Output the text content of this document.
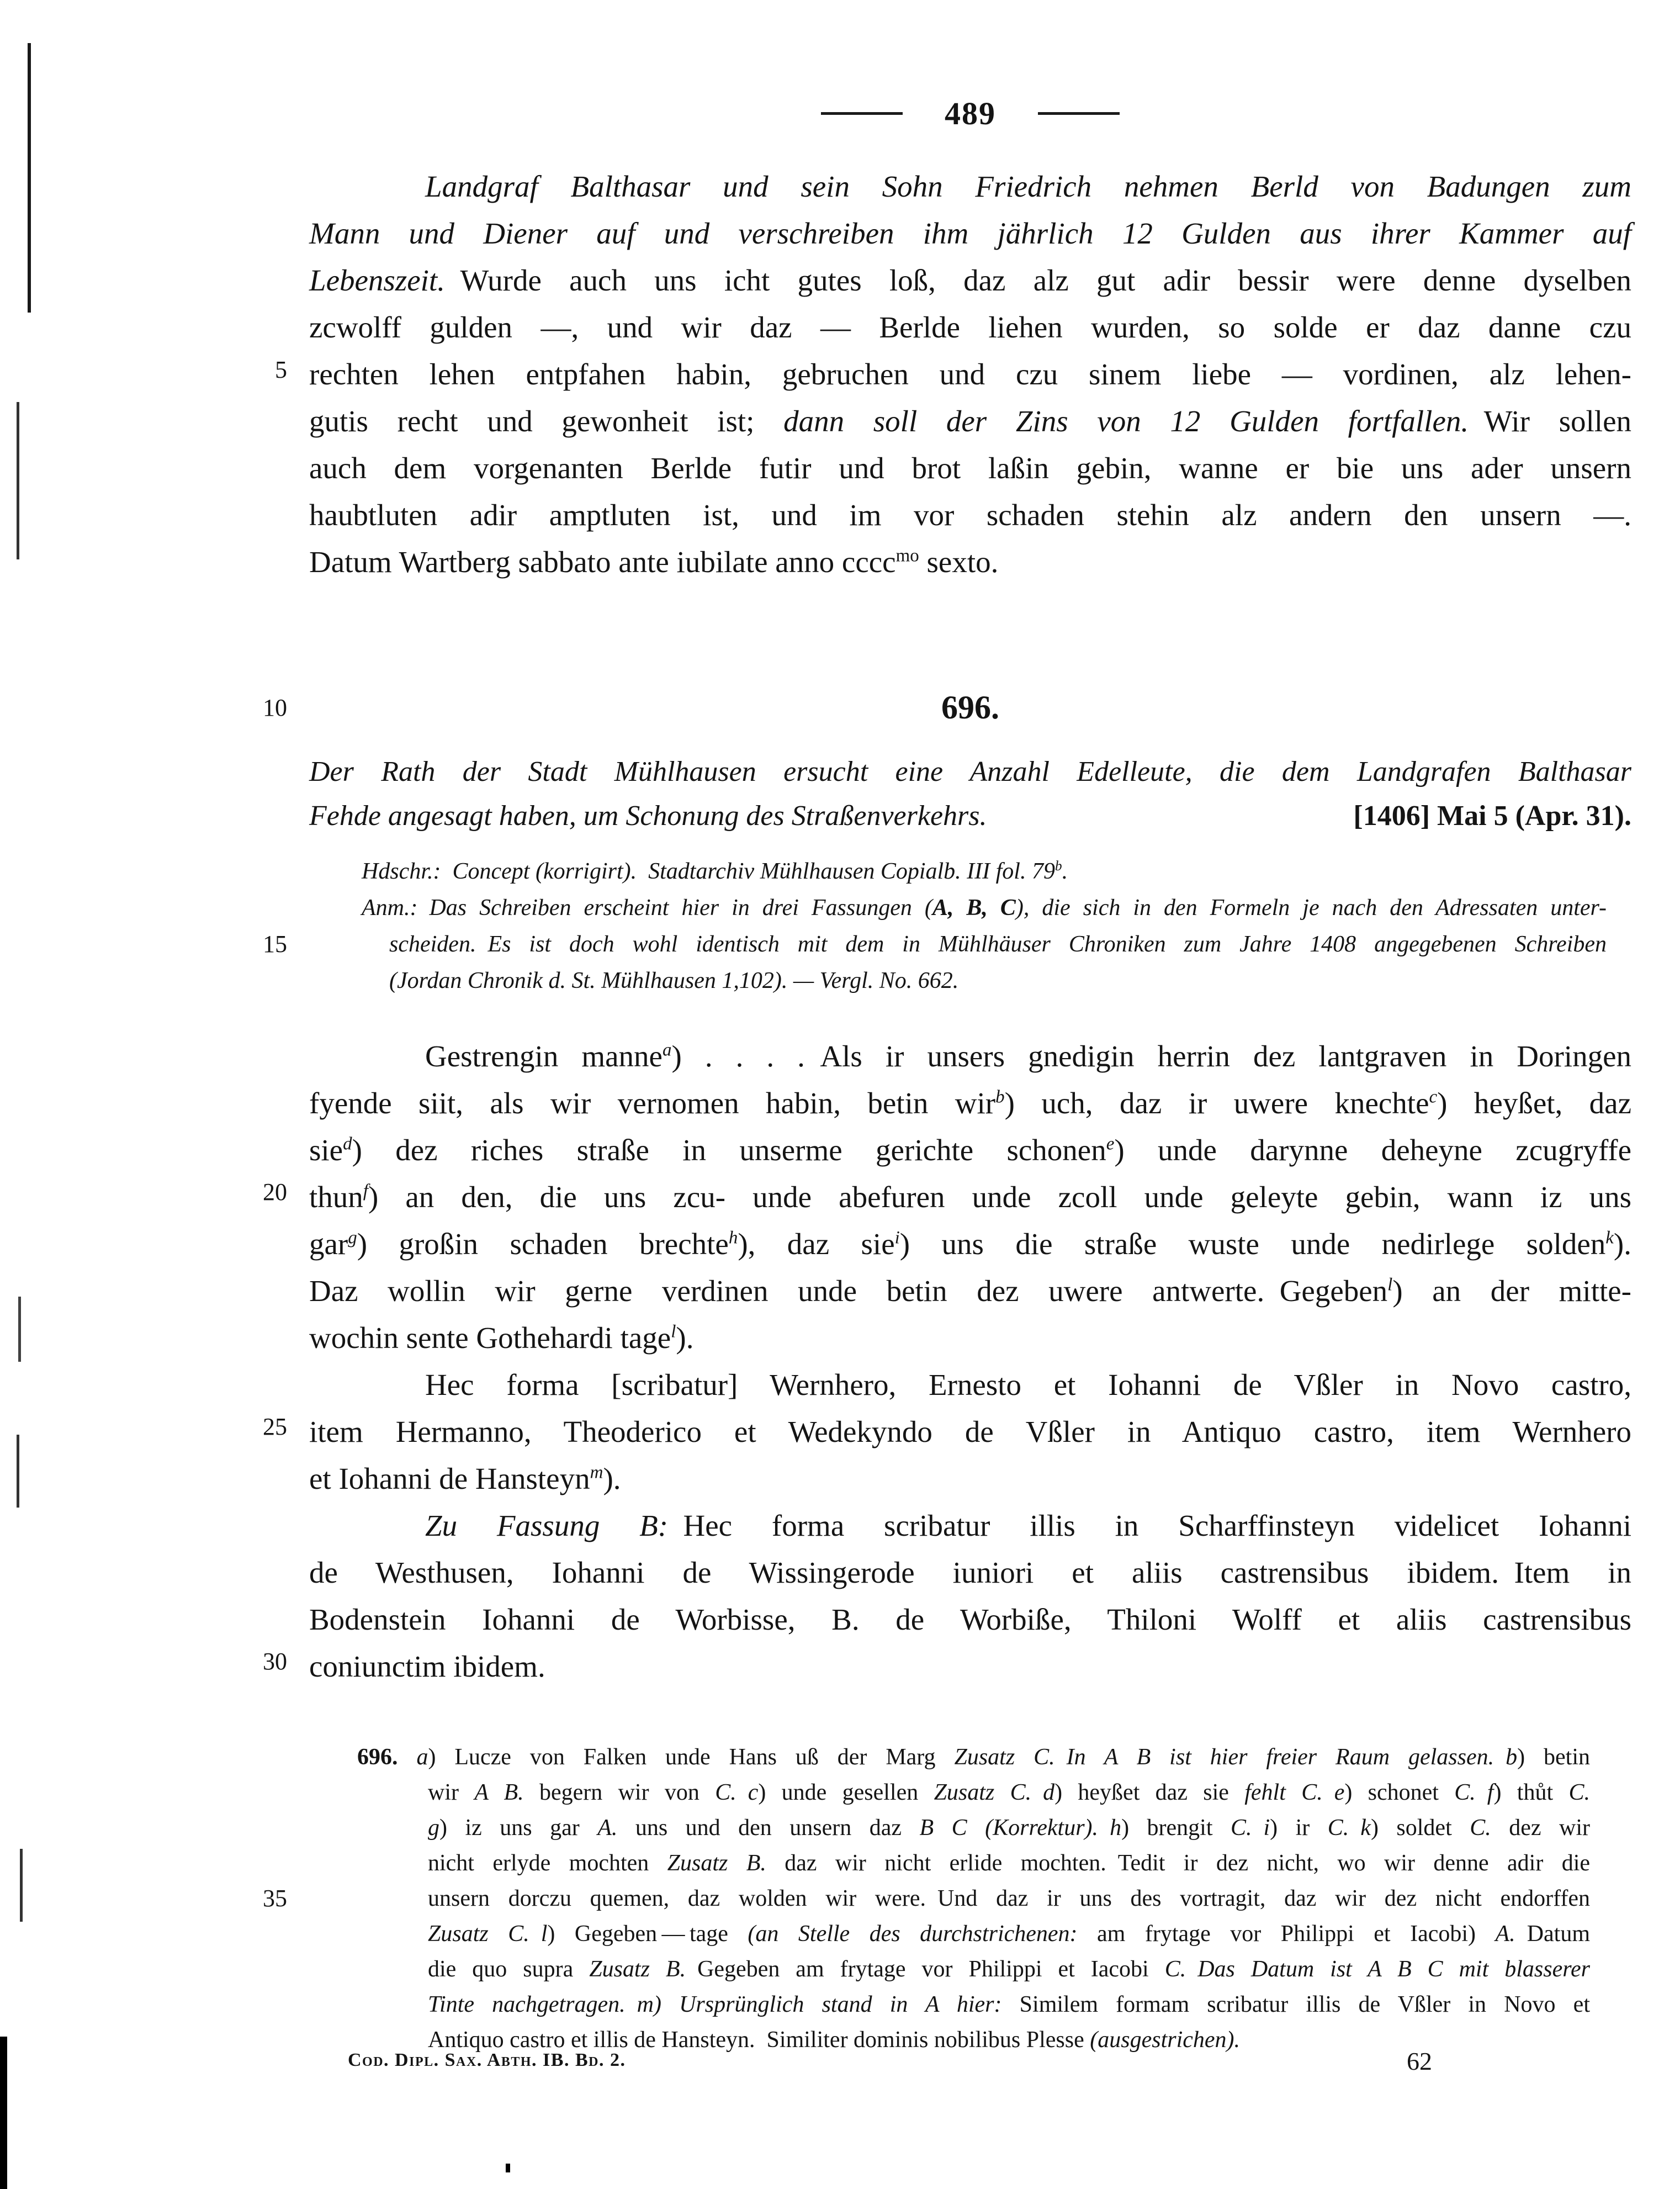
489
5
10
15
20
25
30
35
Landgraf Balthasar und sein Sohn Friedrich nehmen Berld von Badungen zum
Mann und Diener auf und verschreiben ihm jährlich 12 Gulden aus ihrer Kammer auf
Lebenszeit. Wurde auch uns icht gutes loß, daz alz gut adir bessir were denne dyselben
zcwolff gulden —, und wir daz — Berlde liehen wurden, so solde er daz danne czu
rechten lehen entpfahen habin, gebruchen und czu sinem liebe — vordinen, alz lehen-
gutis recht und gewonheit ist; dann soll der Zins von 12 Gulden fortfallen. Wir sollen
auch dem vorgenanten Berlde futir und brot laßin gebin, wanne er bie uns ader unsern
haubtluten adir amptluten ist, und im vor schaden stehin alz andern den unsern —.
Datum Wartberg sabbato ante iubilate anno cccc$^{mo}$ sexto.
696.
Der Rath der Stadt Mühlhausen ersucht eine Anzahl Edelleute, die dem Landgrafen Balthasar
Fehde angesagt haben, um Schonung des Straßenverkehrs.	[1406] Mai 5 (Apr. 31).
Hdschr.: Concept (korrigirt). Stadtarchiv Mühlhausen Copialb. III fol. 79$^b$.
Anm.: Das Schreiben erscheint hier in drei Fassungen (A, B, C), die sich in den Formeln je nach den Adressaten unter-
scheiden. Es ist doch wohl identisch mit dem in Mühlhäuser Chroniken zum Jahre 1408 angegebenen Schreiben
(Jordan Chronik d. St. Mühlhausen 1,102). — Vergl. No. 662.
Gestrengin manne$^a$) . . . . Als ir unsers gnedigin herrin dez lantgraven in Doringen
fyende siit, als wir vernomen habin, betin wir$^b$) uch, daz ir uwere knechte$^c$) heyßet, daz
sie$^d$) dez riches straße in unserme gerichte schonen$^e$) unde darynne deheyne zcugryffe
thun$^f$) an den, die uns zcu- unde abefuren unde zcoll unde geleyte gebin, wann iz uns
gar$^g$) großin schaden brechte$^h$), daz sie$^i$) uns die straße wuste unde nedirlege solden$^k$).
Daz wollin wir gerne verdinen unde betin dez uwere antwerte. Gegeben$^l$) an der mitte-
wochin sente Gothehardi tage$^l$).
Hec forma [scribatur] Wernhero, Ernesto et Iohanni de Vßler in Novo castro,
item Hermanno, Theoderico et Wedekyndo de Vßler in Antiquo castro, item Wernhero
et Iohanni de Hansteyn$^m$).
Zu Fassung B: Hec forma scribatur illis in Scharffinsteyn videlicet Iohanni
de Westhusen, Iohanni de Wissingerode iuniori et aliis castrensibus ibidem. Item in
Bodenstein Iohanni de Worbisse, B. de Worbiße, Thiloni Wolff et aliis castrensibus
coniunctim ibidem.
696. a) Lucze von Falken unde Hans uß der Marg Zusatz C. In A B ist hier freier Raum gelassen.  b) betin
wir A B. begern wir von C. c) unde gesellen Zusatz C. d) heyßet daz sie fehlt C. e) schonet C. f) thůt C.
g) iz uns gar A. uns und den unsern daz B C (Korrektur).  h) brengit C.  i) ir C.  k) soldet C. dez wir
nicht erlyde mochten Zusatz B. daz wir nicht erlide mochten. Tedit ir dez nicht, wo wir denne adir die
unsern dorczu quemen, daz wolden wir were. Und daz ir uns des vortragit, daz wir dez nicht endorffen
Zusatz C. l) Gegeben — tage (an Stelle des durchstrichenen: am frytage vor Philippi et Iacobi) A. Datum
die quo supra Zusatz B. Gegeben am frytage vor Philippi et Iacobi C. Das Datum ist A B C mit blasserer
Tinte nachgetragen. m) Ursprünglich stand in A hier: Similem formam scribatur illis de Vßler in Novo et
Antiquo castro et illis de Hansteyn. Similiter dominis nobilibus Plesse (ausgestrichen).
Cod. Dipl. Sax. Abth. IB. Bd. 2.	62
